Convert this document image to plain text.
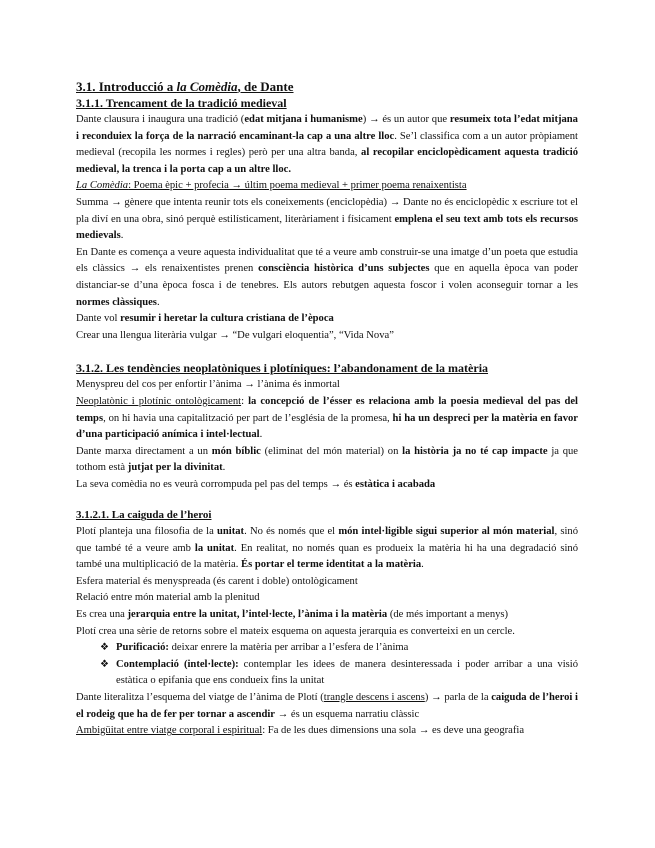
3.1. Introducció a la Comèdia, de Dante
3.1.1. Trencament de la tradició medieval

Dante clausura i inaugura una tradició (edat mitjana i humanisme) → és un autor que resumeix tota l’edat mitjana i reconduiex la força de la narració encaminant-la cap a una altre lloc. Se’l classifica com a un autor pròpiament medieval (recopila les normes i regles) però per una altra banda, al recopilar enciclopèdicament aquesta tradició medieval, la trenca i la porta cap a un altre lloc.

La Comèdia: Poema èpic + profecia → últim poema medieval + primer poema renaixentista

Summa → gènere que intenta reunir tots els coneixements (enciclopèdia) → Dante no és enciclopèdic x escriure tot el pla diví en una obra, sinó perquè estilísticament, literàriament i físicament emplena el seu text amb tots els recursos medievals.

En Dante es comença a veure aquesta individualitat que té a veure amb construir-se una imatge d’un poeta que estudia els clàssics → els renaixentistes prenen consciència històrica d’uns subjectes que en aquella època van poder distanciar-se d’una època fosca i de tenebres. Els autors rebutgen aquesta foscor i volen aconseguir tornar a les normes clàssiques.

Dante vol resumir i heretar la cultura cristiana de l’època

Crear una llengua literària vulgar → “De vulgari eloquentia”, “Vida Nova”

3.1.2. Les tendències neoplatòniques i plotíniques: l’abandonament de la matèria

Menyspreu del cos per enfortir l’ànima → l’ànima és inmortal

Neoplatònic i plotínic ontològicament: la concepció de l’ésser es relaciona amb la poesia medieval del pas del temps, on hi havia una capitalització per part de l’església de la promesa, hi ha un despreci per la matèria en favor d’una participació anímica i intel·lectual.

Dante marxa directament a un món bíblic (eliminat del món material) on la història ja no té cap impacte ja que tothom està jutjat per la divinitat.

La seva comèdia no es veurà corrompuda pel pas del temps → és estàtica i acabada

3.1.2.1. La caiguda de l’heroi

Plotí planteja una filosofia de la unitat. No és només que el món intel·ligible sigui superior al món material, sinó que també té a veure amb la unitat. En realitat, no només quan es produeix la matèria hi ha una degradació sinó també una multiplicació de la matèria. És portar el terme identitat a la matèria.

Esfera material és menyspreada (és carent i doble) ontològicament

Relació entre món material amb la plenitud

Es crea una jerarquia entre la unitat, l’intel·lecte, l’ànima i la matèria (de més important a menys)

Plotí crea una sèrie de retorns sobre el mateix esquema on aquesta jerarquia es converteixi en un cercle.

❖ Purificació: deixar enrere la matèria per arribar a l’esfera de l’ànima
❖ Contemplació (intel·lecte): contemplar les idees de manera desinteressada i poder arribar a una visió estàtica o epifania que ens condueix fins la unitat

Dante literalitza l’esquema del viatge de l’ànima de Plotí (trangle descens i ascens) → parla de la caiguda de l’heroi i el rodeig que ha de fer per tornar a ascendir → és un esquema narratiu clàssic

Ambigüitat entre viatge corporal i espiritual: Fa de les dues dimensions una sola → es deve una geografia
